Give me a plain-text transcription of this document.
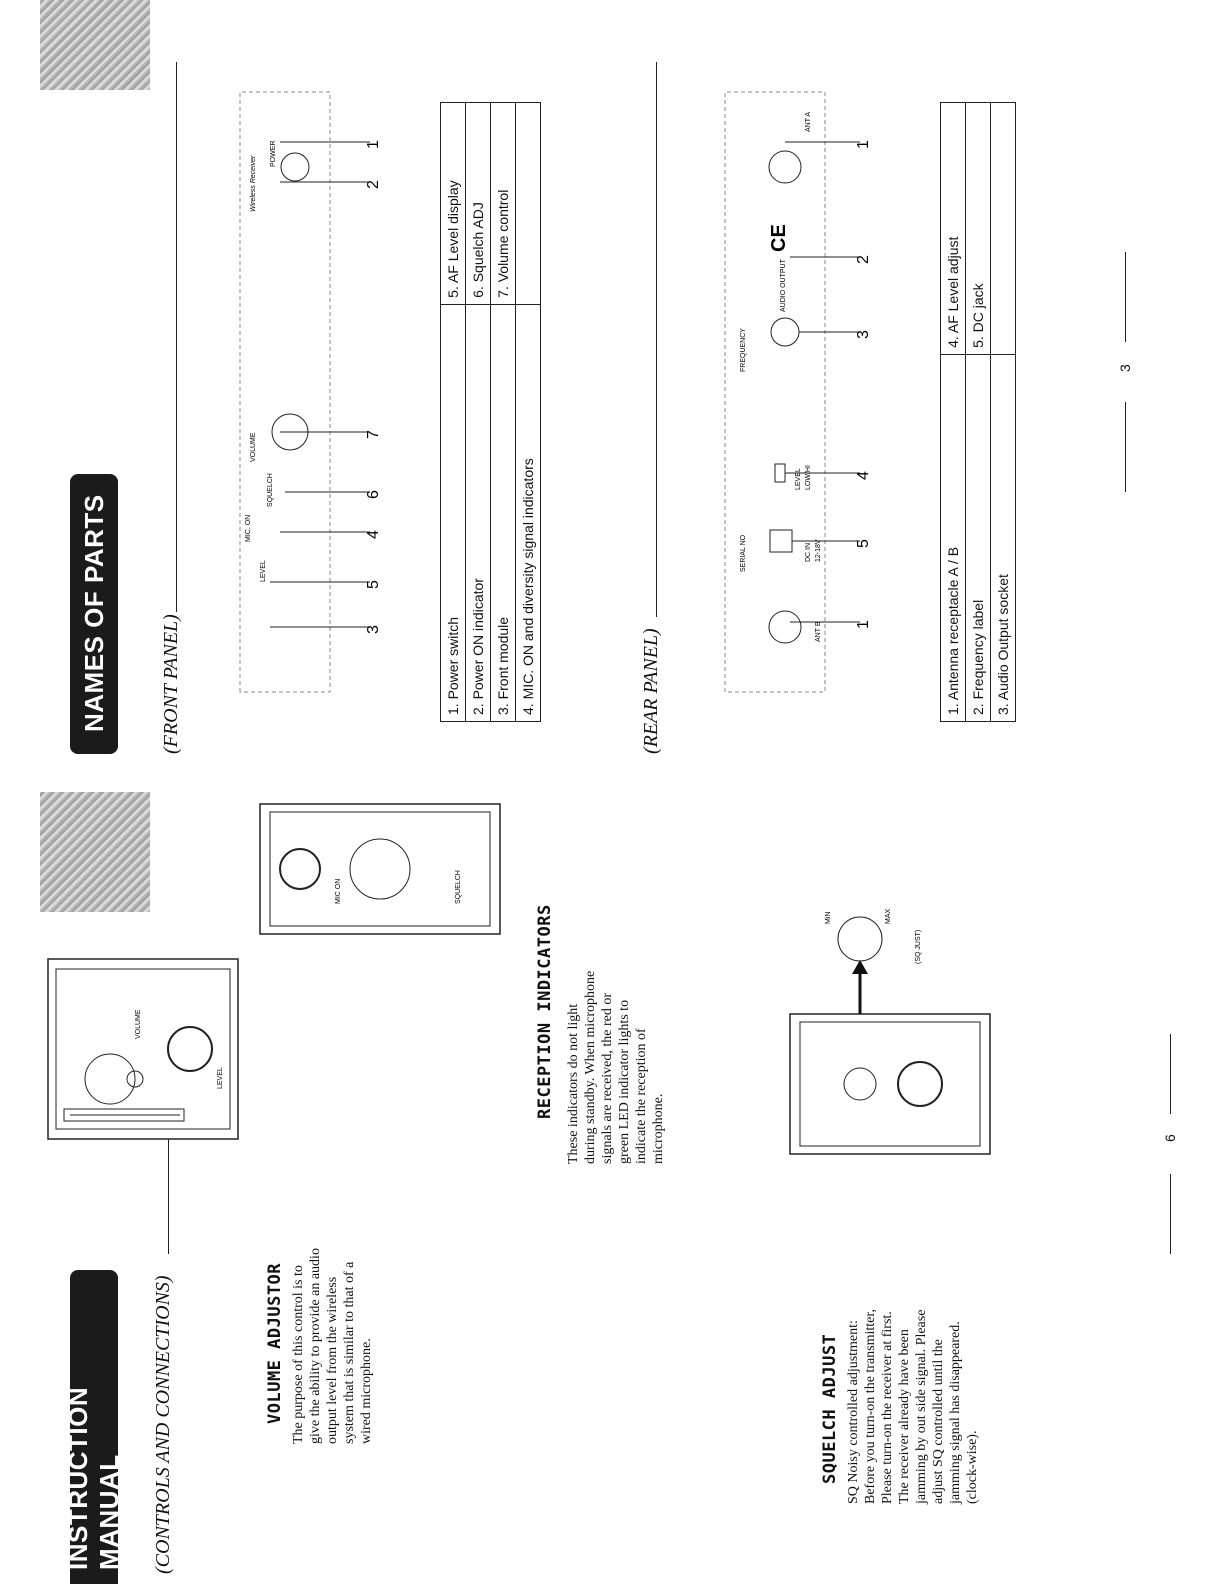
INSTRUCTION MANUAL (CONTROLS AND CONNECTIONS)	VOLUME ADJUSTOR The purpose of this control is to give the ability to provide an audio output level from the wireless system that is similar to that of a wired microphone.

LEVEL
VOLUME	RECEPTION INDICATORS These indicators do not light during standby. When microphone signals are received, the red or green LED indicator lights to indicate the reception of microphone.

MIC ON	SQUELCH
SQUELCH ADJUST SQ Noisy controlled adjustment: Before you turn-on the transmitter, Please turn-on the receiver at first. The receiver already have been jamming by out side signal. Please adjust SQ controlled until the jamming signal has disappeared. (clock-wise).

MiN	MAX
(SQ JUST)
6
NAMES OF PARTS	(FRONT PANEL)
MIC. ON
LEVEL
SQUELCH
VOLUME
Wireless Receiver
POWER
3
5
4
6
7
2
1
1. Power switch	5. AF Level display
2. Power ON indicator	6. Squelch ADJ
3. Front module	7. Volume control
4. MIC. ON and diversity signal indicators		(REAR PANEL)	ANT B
SERIAL NO	DC IN 12-18V
LEVEL LOW/HI
FREQUENCY
AUDIO OUTPUT
CE
ANT A
1
5
4
3
2
1
1. Antenna receptacle A / B	4. AF Level adjust
2. Frequency label	5. DC jack
3. Audio Output socket	
3
